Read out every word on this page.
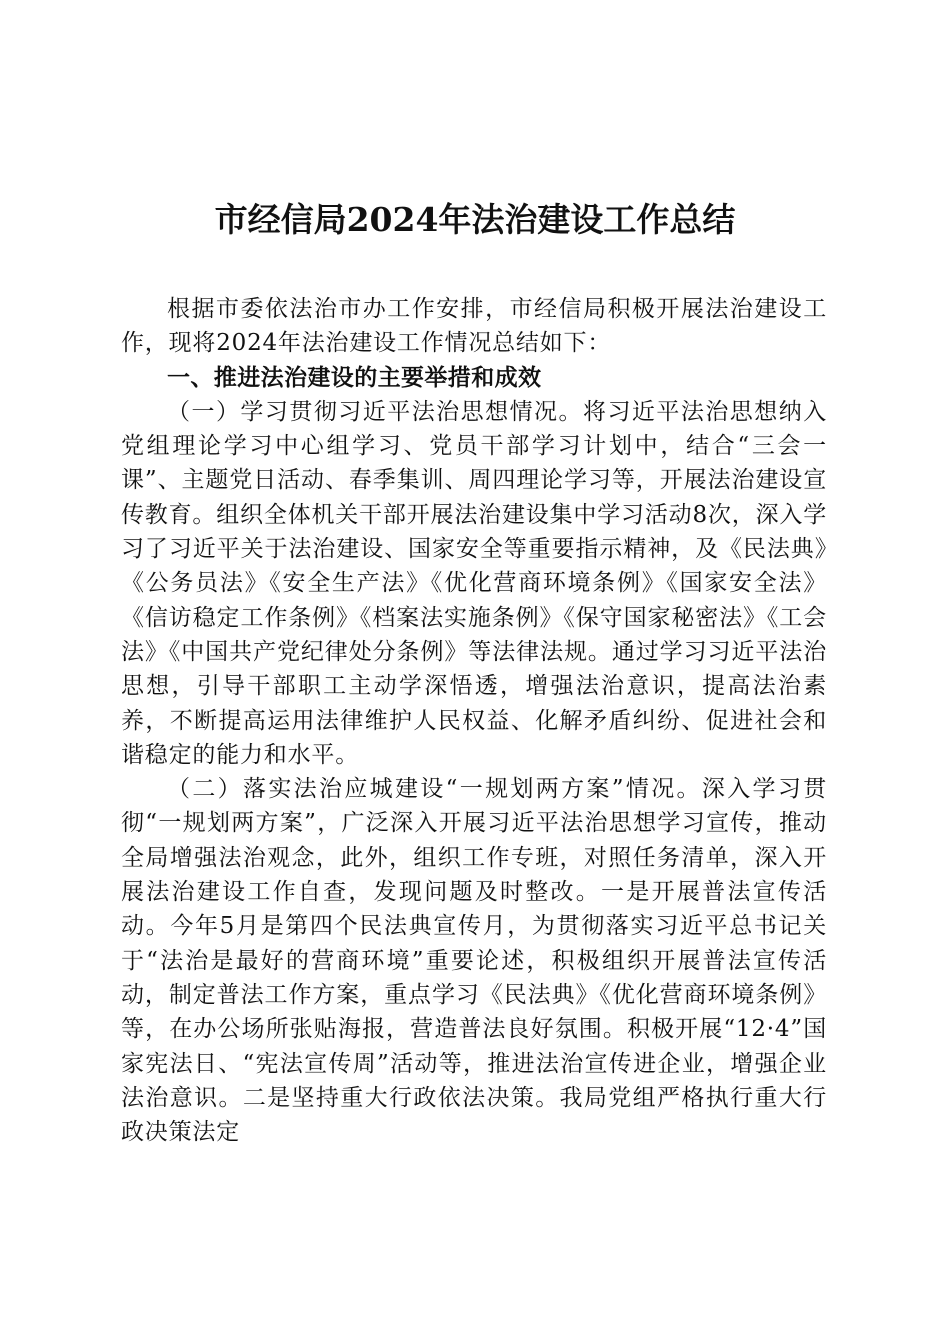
市经信局2024年法治建设工作总结

根据市委依法治市办工作安排，市经信局积极开展法治建设工作，现将2024年法治建设工作情况总结如下：

一、推进法治建设的主要举措和成效

（一）学习贯彻习近平法治思想情况。将习近平法治思想纳入党组理论学习中心组学习、党员干部学习计划中，结合“三会一课”、主题党日活动、春季集训、周四理论学习等，开展法治建设宣传教育。组织全体机关干部开展法治建设集中学习活动8次，深入学习了习近平关于法治建设、国家安全等重要指示精神，及《民法典》《公务员法》《安全生产法》《优化营商环境条例》《国家安全法》《信访稳定工作条例》《档案法实施条例》《保守国家秘密法》《工会法》《中国共产党纪律处分条例》等法律法规。通过学习习近平法治思想，引导干部职工主动学深悟透，增强法治意识，提高法治素养，不断提高运用法律维护人民权益、化解矛盾纠纷、促进社会和谐稳定的能力和水平。

（二）落实法治应城建设“一规划两方案”情况。深入学习贯彻“一规划两方案”，广泛深入开展习近平法治思想学习宣传，推动全局增强法治观念，此外，组织工作专班，对照任务清单，深入开展法治建设工作自查，发现问题及时整改。一是开展普法宣传活动。今年5月是第四个民法典宣传月，为贯彻落实习近平总书记关于“法治是最好的营商环境”重要论述，积极组织开展普法宣传活动，制定普法工作方案，重点学习《民法典》《优化营商环境条例》等，在办公场所张贴海报，营造普法良好氛围。积极开展“12·4”国家宪法日、“宪法宣传周”活动等，推进法治宣传进企业，增强企业法治意识。二是坚持重大行政依法决策。我局党组严格执行重大行政决策法定
